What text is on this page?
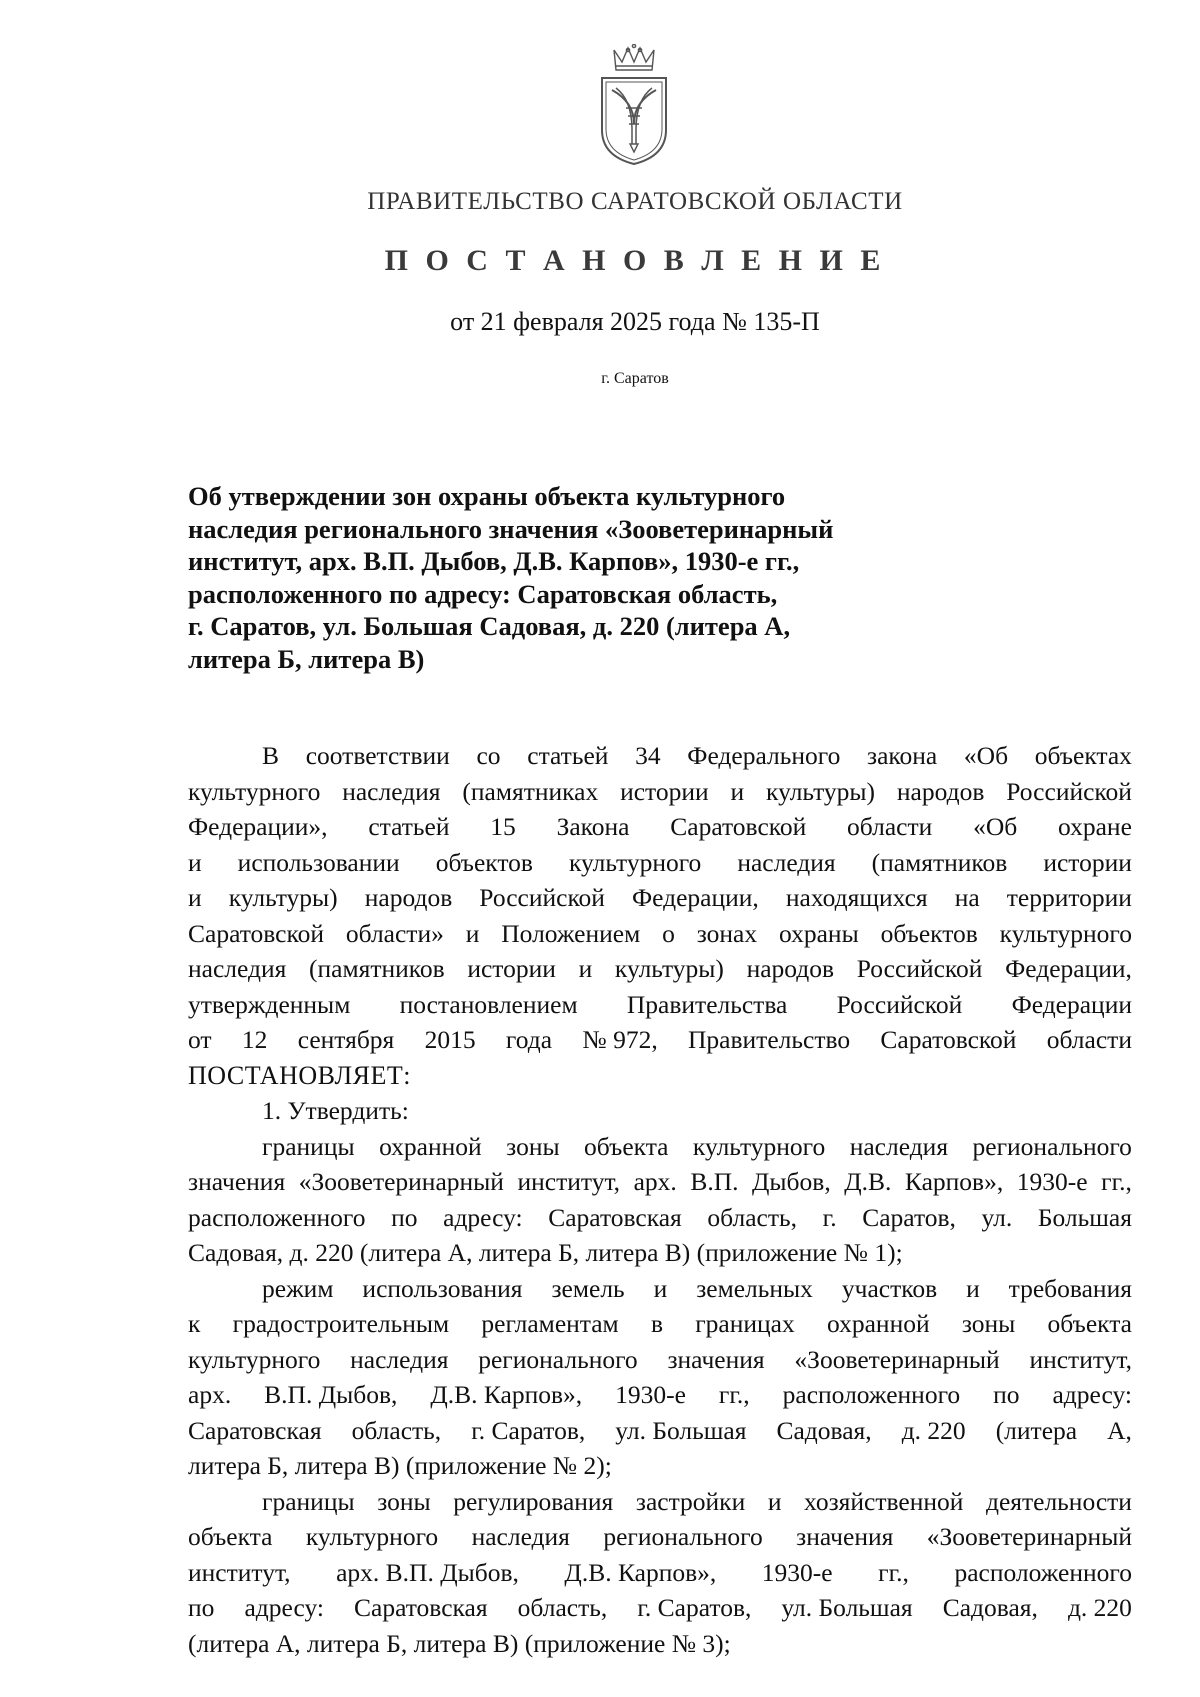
ПРАВИТЕЛЬСТВО САРАТОВСКОЙ ОБЛАСТИ
П О С Т А Н О В Л Е Н И Е
от 21 февраля 2025 года № 135-П
г. Саратов
Об утверждении зон охраны объекта культурного
наследия регионального значения «Зооветеринарный
институт, арх. В.П. Дыбов, Д.В. Карпов», 1930-е гг.,
расположенного по адресу: Саратовская область,
г. Саратов, ул. Большая Садовая, д. 220 (литера А,
литера Б, литера В)
В соответствии со статьей 34 Федерального закона «Об объектах
культурного наследия (памятниках истории и культуры) народов Российской
Федерации», статьей 15 Закона Саратовской области «Об охране
и использовании объектов культурного наследия (памятников истории
и культуры) народов Российской Федерации, находящихся на территории
Саратовской области» и Положением о зонах охраны объектов культурного
наследия (памятников истории и культуры) народов Российской Федерации,
утвержденным постановлением Правительства Российской Федерации
от 12 сентября 2015 года № 972, Правительство Саратовской области
ПОСТАНОВЛЯЕТ:
1. Утвердить:
границы охранной зоны объекта культурного наследия регионального
значения «Зооветеринарный институт, арх. В.П. Дыбов, Д.В. Карпов», 1930-е гг.,
расположенного по адресу: Саратовская область, г. Саратов, ул. Большая
Садовая, д. 220 (литера А, литера Б, литера В) (приложение № 1);
режим использования земель и земельных участков и требования
к градостроительным регламентам в границах охранной зоны объекта
культурного наследия регионального значения «Зооветеринарный институт,
арх. В.П. Дыбов, Д.В. Карпов», 1930-е гг., расположенного по адресу:
Саратовская область, г. Саратов, ул. Большая Садовая, д. 220 (литера А,
литера Б, литера В) (приложение № 2);
границы зоны регулирования застройки и хозяйственной деятельности
объекта культурного наследия регионального значения «Зооветеринарный
институт, арх. В.П. Дыбов, Д.В. Карпов», 1930-е гг., расположенного
по адресу: Саратовская область, г. Саратов, ул. Большая Садовая, д. 220
(литера А, литера Б, литера В) (приложение № 3);
